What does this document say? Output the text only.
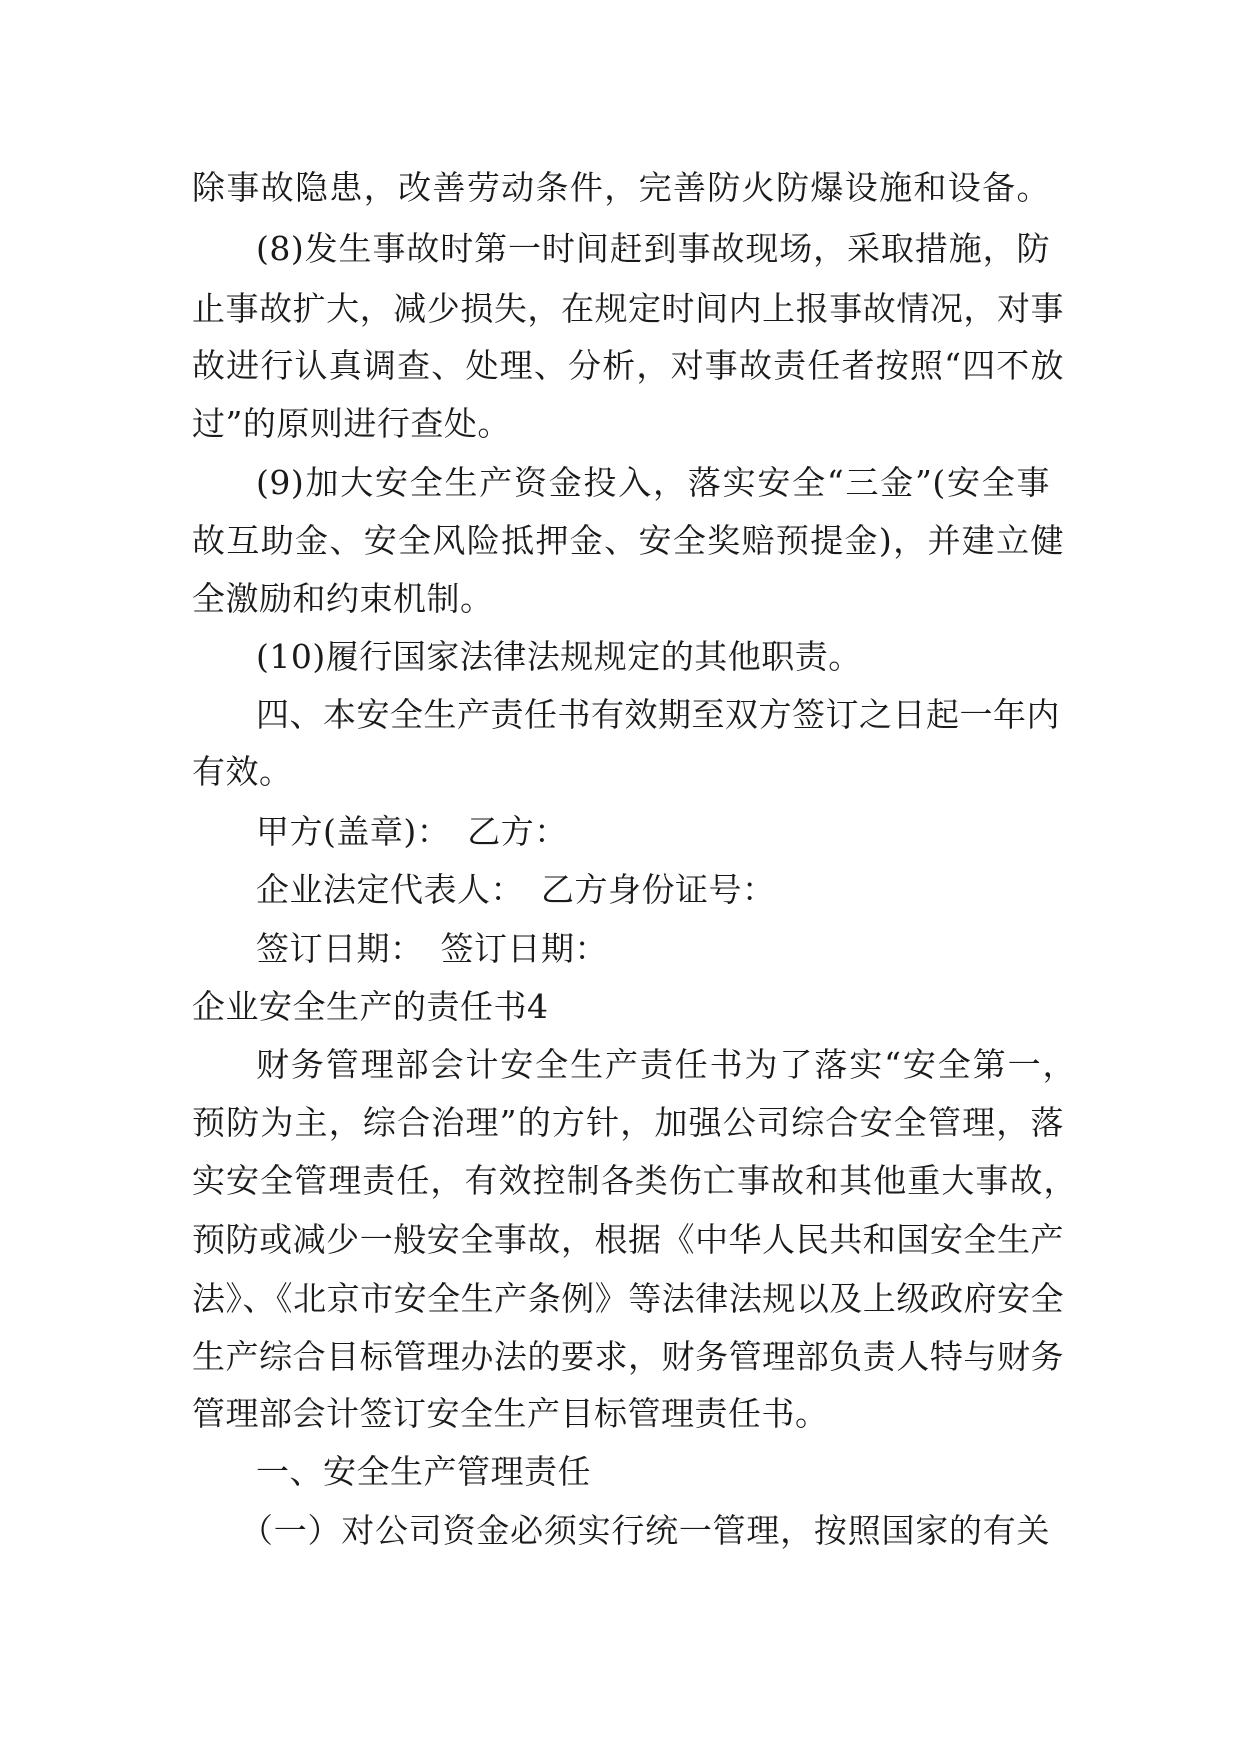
除事故隐患，改善劳动条件，完善防火防爆设施和设备。
(8)发生事故时第一时间赶到事故现场，采取措施，防
止事故扩大，减少损失，在规定时间内上报事故情况，对事
故进行认真调查、处理、分析，对事故责任者按照“四不放
过”的原则进行查处。
(9)加大安全生产资金投入，落实安全“三金”(安全事
故互助金、安全风险抵押金、安全奖赔预提金)，并建立健
全激励和约束机制。
(10)履行国家法律法规规定的其他职责。
四、本安全生产责任书有效期至双方签订之日起一年内
有效。
甲方(盖章)：　乙方：
企业法定代表人：　乙方身份证号：
签订日期：　签订日期：
企业安全生产的责任书4
财务管理部会计安全生产责任书为了落实“安全第一，
预防为主，综合治理”的方针，加强公司综合安全管理，落
实安全管理责任，有效控制各类伤亡事故和其他重大事故，
预防或减少一般安全事故，根据《中华人民共和国安全生产
法》、《北京市安全生产条例》等法律法规以及上级政府安全
生产综合目标管理办法的要求，财务管理部负责人特与财务
管理部会计签订安全生产目标管理责任书。
一、安全生产管理责任
（一）对公司资金必须实行统一管理，按照国家的有关
